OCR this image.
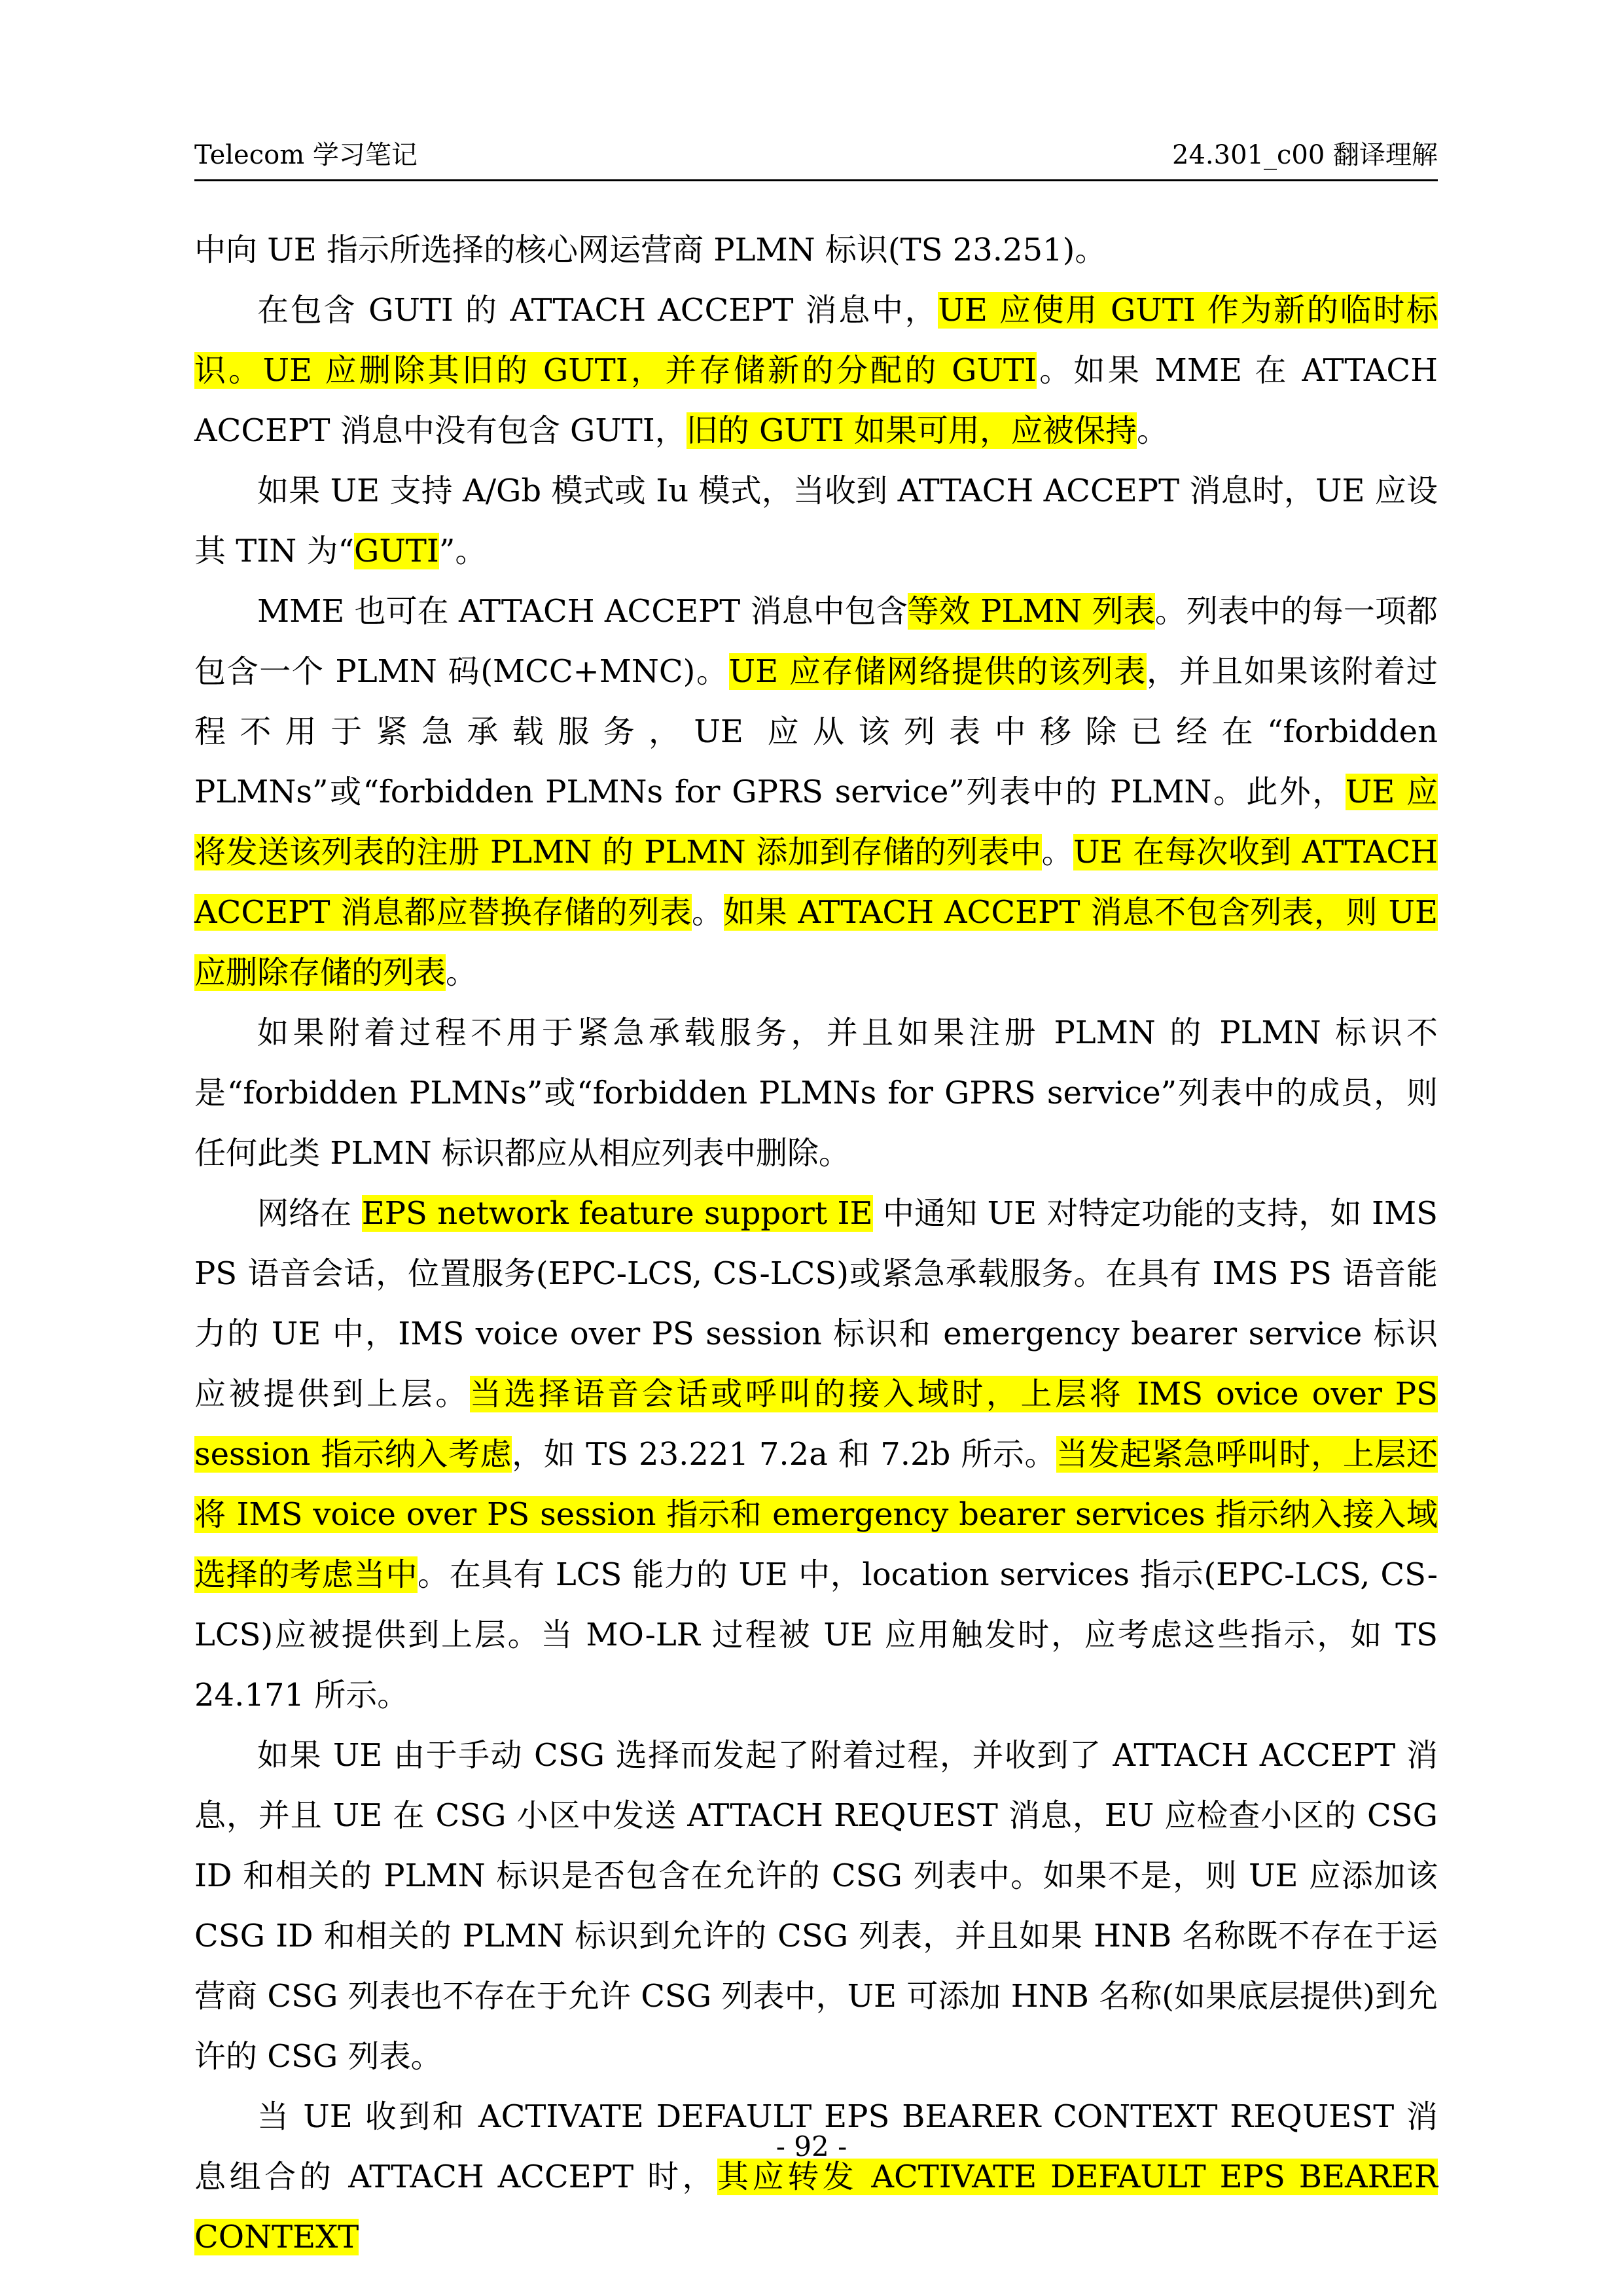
Telecom 学习笔记	24.301_c00 翻译理解

中向 UE 指示所选择的核心网运营商 PLMN 标识(TS 23.251)。

在包含 GUTI 的 ATTACH ACCEPT 消息中，UE 应使用 GUTI 作为新的临时标识。UE 应删除其旧的 GUTI，并存储新的分配的 GUTI。如果 MME 在 ATTACH ACCEPT 消息中没有包含 GUTI，旧的 GUTI 如果可用，应被保持。

如果 UE 支持 A/Gb 模式或 Iu 模式，当收到 ATTACH ACCEPT 消息时，UE 应设其 TIN 为“GUTI”。

MME 也可在 ATTACH ACCEPT 消息中包含等效 PLMN 列表。列表中的每一项都包含一个 PLMN 码(MCC+MNC)。UE 应存储网络提供的该列表，并且如果该附着过程不用于紧急承载服务，UE 应从该列表中移除已经在“forbidden PLMNs”或“forbidden PLMNs for GPRS service”列表中的 PLMN。此外，UE 应将发送该列表的注册 PLMN 的 PLMN 添加到存储的列表中。UE 在每次收到 ATTACH ACCEPT 消息都应替换存储的列表。如果 ATTACH ACCEPT 消息不包含列表，则 UE 应删除存储的列表。

如果附着过程不用于紧急承载服务，并且如果注册 PLMN 的 PLMN 标识不是“forbidden PLMNs”或“forbidden PLMNs for GPRS service”列表中的成员，则任何此类 PLMN 标识都应从相应列表中删除。

网络在 EPS network feature support IE 中通知 UE 对特定功能的支持，如 IMS PS 语音会话，位置服务(EPC-LCS, CS-LCS)或紧急承载服务。在具有 IMS PS 语音能力的 UE 中，IMS voice over PS session 标识和 emergency bearer service 标识应被提供到上层。当选择语音会话或呼叫的接入域时，上层将 IMS ovice over PS session 指示纳入考虑，如 TS 23.221 7.2a 和 7.2b 所示。当发起紧急呼叫时，上层还将 IMS voice over PS session 指示和 emergency bearer services 指示纳入接入域选择的考虑当中。在具有 LCS 能力的 UE 中，location services 指示(EPC-LCS, CS-LCS)应被提供到上层。当 MO-LR 过程被 UE 应用触发时，应考虑这些指示，如 TS 24.171 所示。

如果 UE 由于手动 CSG 选择而发起了附着过程，并收到了 ATTACH ACCEPT 消息，并且 UE 在 CSG 小区中发送 ATTACH REQUEST 消息，EU 应检查小区的 CSG ID 和相关的 PLMN 标识是否包含在允许的 CSG 列表中。如果不是，则 UE 应添加该 CSG ID 和相关的 PLMN 标识到允许的 CSG 列表，并且如果 HNB 名称既不存在于运营商 CSG 列表也不存在于允许 CSG 列表中，UE 可添加 HNB 名称(如果底层提供)到允许的 CSG 列表。

当 UE 收到和 ACTIVATE DEFAULT EPS BEARER CONTEXT REQUEST 消息组合的 ATTACH ACCEPT 时，其应转发 ACTIVATE DEFAULT EPS BEARER CONTEXT

- 92 -
